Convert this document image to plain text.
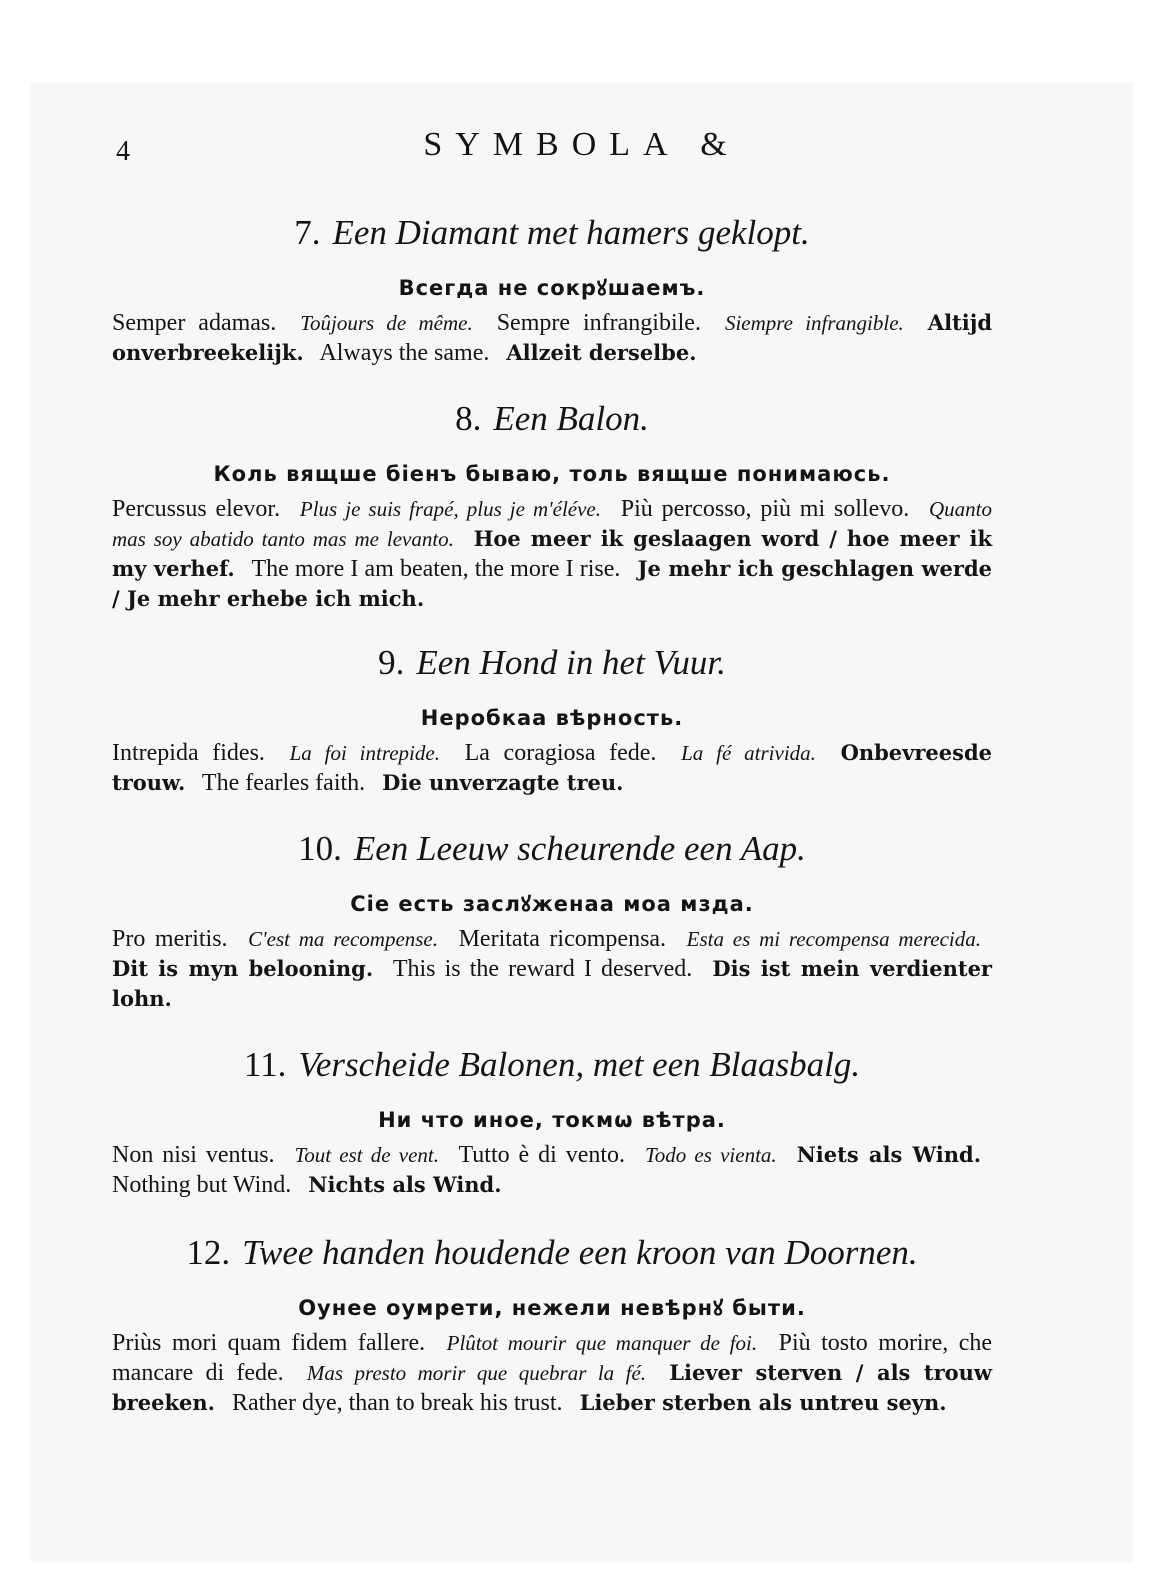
4	SYMBOLA &
7. Een Diamant met hamers geklopt.
Всегда не сокрꙋшаемъ.
Semper adamas. Toûjours de même. Sempre infrangibile. Siempre infrangible. Altijd onverbreekelijk. Always the same. Allzeit derselbe.
8. Een Balon.
Коль вящше біенъ бываю, толь вящше понимаюсь.
Percussus elevor. Plus je suis frapé, plus je m'éléve. Più percosso, più mi sollevo. Quanto mas soy abatido tanto mas me levanto. Hoe meer ik geslaagen word / hoe meer ik my verhef. The more I am beaten, the more I rise. Je mehr ich geschlagen werde / Je mehr erhebe ich mich.
9. Een Hond in het Vuur.
Неробкаа вѣрность.
Intrepida fides. La foi intrepide. La coragiosa fede. La fé atrivida. Onbevreesde trouw. The fearles faith. Die unverzagte treu.
10. Een Leeuw scheurende een Aap.
Сіе есть заслꙋженаа моа мзда.
Pro meritis. C'est ma recompense. Meritata ricompensa. Esta es mi recompensa merecida. Dit is myn belooning. This is the reward I deserved. Dis ist mein verdienter lohn.
11. Verscheide Balonen, met een Blaasbalg.
Ни что иное, токмѡ вѣтра.
Non nisi ventus. Tout est de vent. Tutto è di vento. Todo es vienta. Niets als Wind. Nothing but Wind. Nichts als Wind.
12. Twee handen houdende een kroon van Doornen.
Оунее оумрети, нежели невѣрнꙋ быти.
Priùs mori quam fidem fallere. Plûtot mourir que manquer de foi. Più tosto morire, che mancare di fede. Mas presto morir que quebrar la fé. Liever sterven / als trouw breeken. Rather dye, than to break his trust. Lieber sterben als untreu seyn.
